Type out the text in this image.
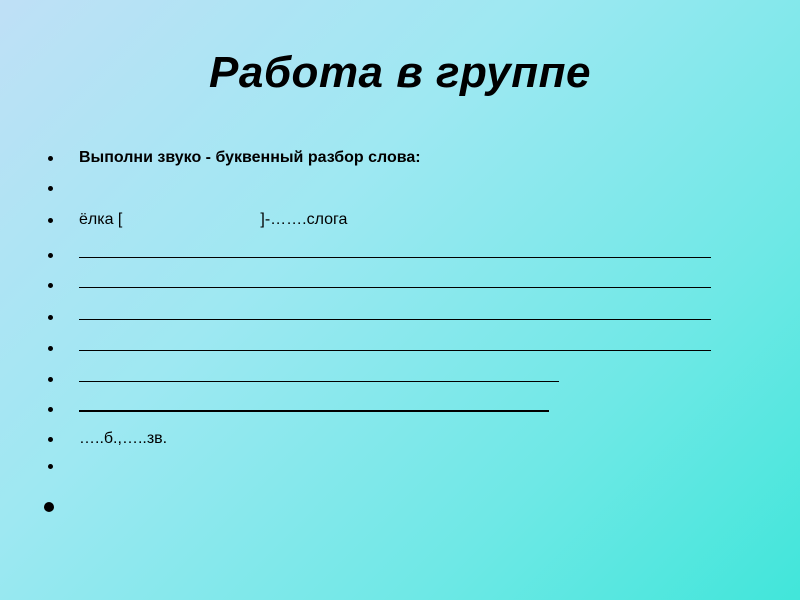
Работа в группе
Выполни звуко - буквенный разбор слова:
ёлка [	]-…….слога
…..б.,…..зв.
